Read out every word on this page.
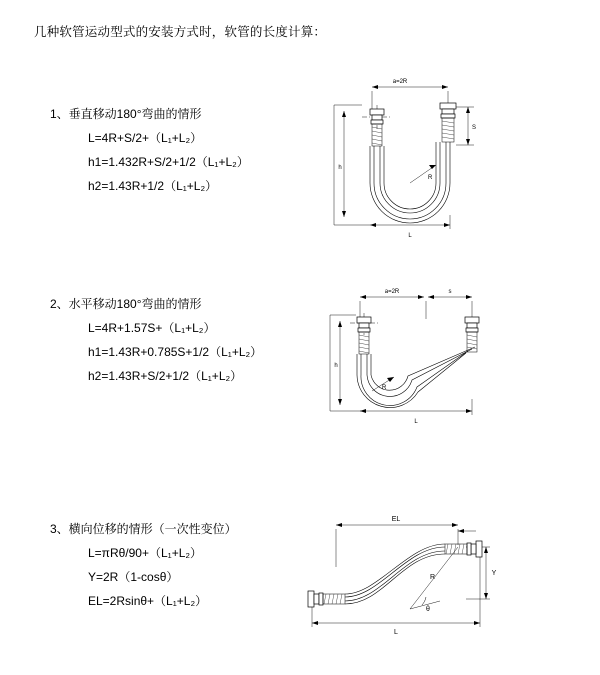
几种软管运动型式的安装方式时，软管的长度计算：
1、垂直移动180°弯曲的情形
L=4R+S/2+（L₁+L₂）
h1=1.432R+S/2+1/2（L₁+L₂）
h2=1.43R+1/2（L₁+L₂）
a=2R
h
S
R
L
2、水平移动180°弯曲的情形
L=4R+1.57S+（L₁+L₂）
h1=1.43R+0.785S+1/2（L₁+L₂）
h2=1.43R+S/2+1/2（L₁+L₂）
a=2R	s
h
R
L
3、横向位移的情形（一次性变位）
L=πRθ/90+（L₁+L₂）
Y=2R（1-cosθ）
EL=2Rsinθ+（L₁+L₂）
EL
Y
R
θ
L
